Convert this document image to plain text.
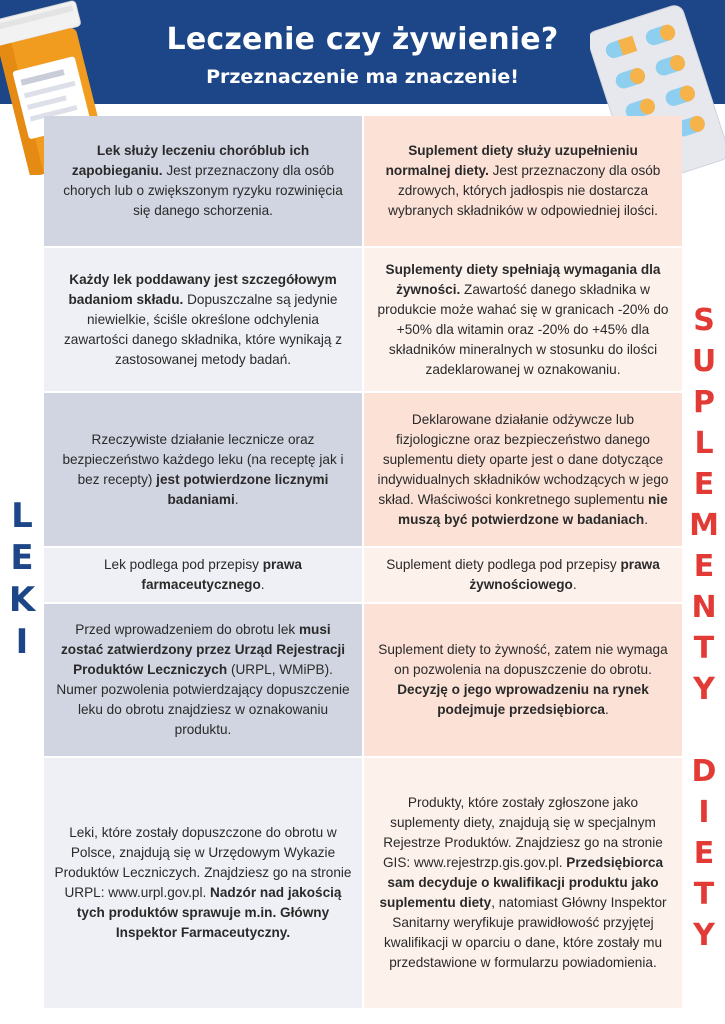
Leczenie czy żywienie?
Przeznaczenie ma znaczenie!
L
E
K
I
S
U
P
L
E
M
E
N
T
Y

D
I
E
T
Y
Lek służy leczeniu choróblub ich zapobieganiu. Jest przeznaczony dla osób chorych lub o zwiększonym ryzyku rozwinięcia się danego schorzenia.
Suplement diety służy uzupełnieniu normalnej diety. Jest przeznaczony dla osób zdrowych, których jadłospis nie dostarcza wybranych składników w odpowiedniej ilości.
Każdy lek poddawany jest szczegółowym badaniom składu. Dopuszczalne są jedynie niewielkie, ściśle określone odchylenia zawartości danego składnika, które wynikają z zastosowanej metody badań.
Suplementy diety spełniają wymagania dla żywności. Zawartość danego składnika w produkcie może wahać się w granicach -20% do +50% dla witamin oraz -20% do +45% dla składników mineralnych w stosunku do ilości zadeklarowanej w oznakowaniu.
Rzeczywiste działanie lecznicze oraz bezpieczeństwo każdego leku (na receptę jak i bez recepty) jest potwierdzone licznymi badaniami.
Deklarowane działanie odżywcze lub fizjologiczne oraz bezpieczeństwo danego suplementu diety oparte jest o dane dotyczące indywidualnych składników wchodzących w jego skład. Właściwości konkretnego suplementu nie muszą być potwierdzone w badaniach.
Lek podlega pod przepisy prawa farmaceutycznego.
Suplement diety podlega pod przepisy prawa żywnościowego.
Przed wprowadzeniem do obrotu lek musi zostać zatwierdzony przez Urząd Rejestracji Produktów Leczniczych (URPL, WMiPB). Numer pozwolenia potwierdzający dopuszczenie leku do obrotu znajdziesz w oznakowaniu produktu.
Suplement diety to żywność, zatem nie wymaga on pozwolenia na dopuszczenie do obrotu. Decyzję o jego wprowadzeniu na rynek podejmuje przedsiębiorca.
Leki, które zostały dopuszczone do obrotu w Polsce, znajdują się w Urzędowym Wykazie Produktów Leczniczych. Znajdziesz go na stronie URPL: www.urpl.gov.pl. Nadzór nad jakością tych produktów sprawuje m.in. Główny Inspektor Farmaceutyczny.
Produkty, które zostały zgłoszone jako suplementy diety, znajdują się w specjalnym Rejestrze Produktów. Znajdziesz go na stronie GIS: www.rejestrzp.gis.gov.pl. Przedsiębiorca sam decyduje o kwalifikacji produktu jako suplementu diety, natomiast Główny Inspektor Sanitarny weryfikuje prawidłowość przyjętej kwalifikacji w oparciu o dane, które zostały mu przedstawione w formularzu powiadomienia.
